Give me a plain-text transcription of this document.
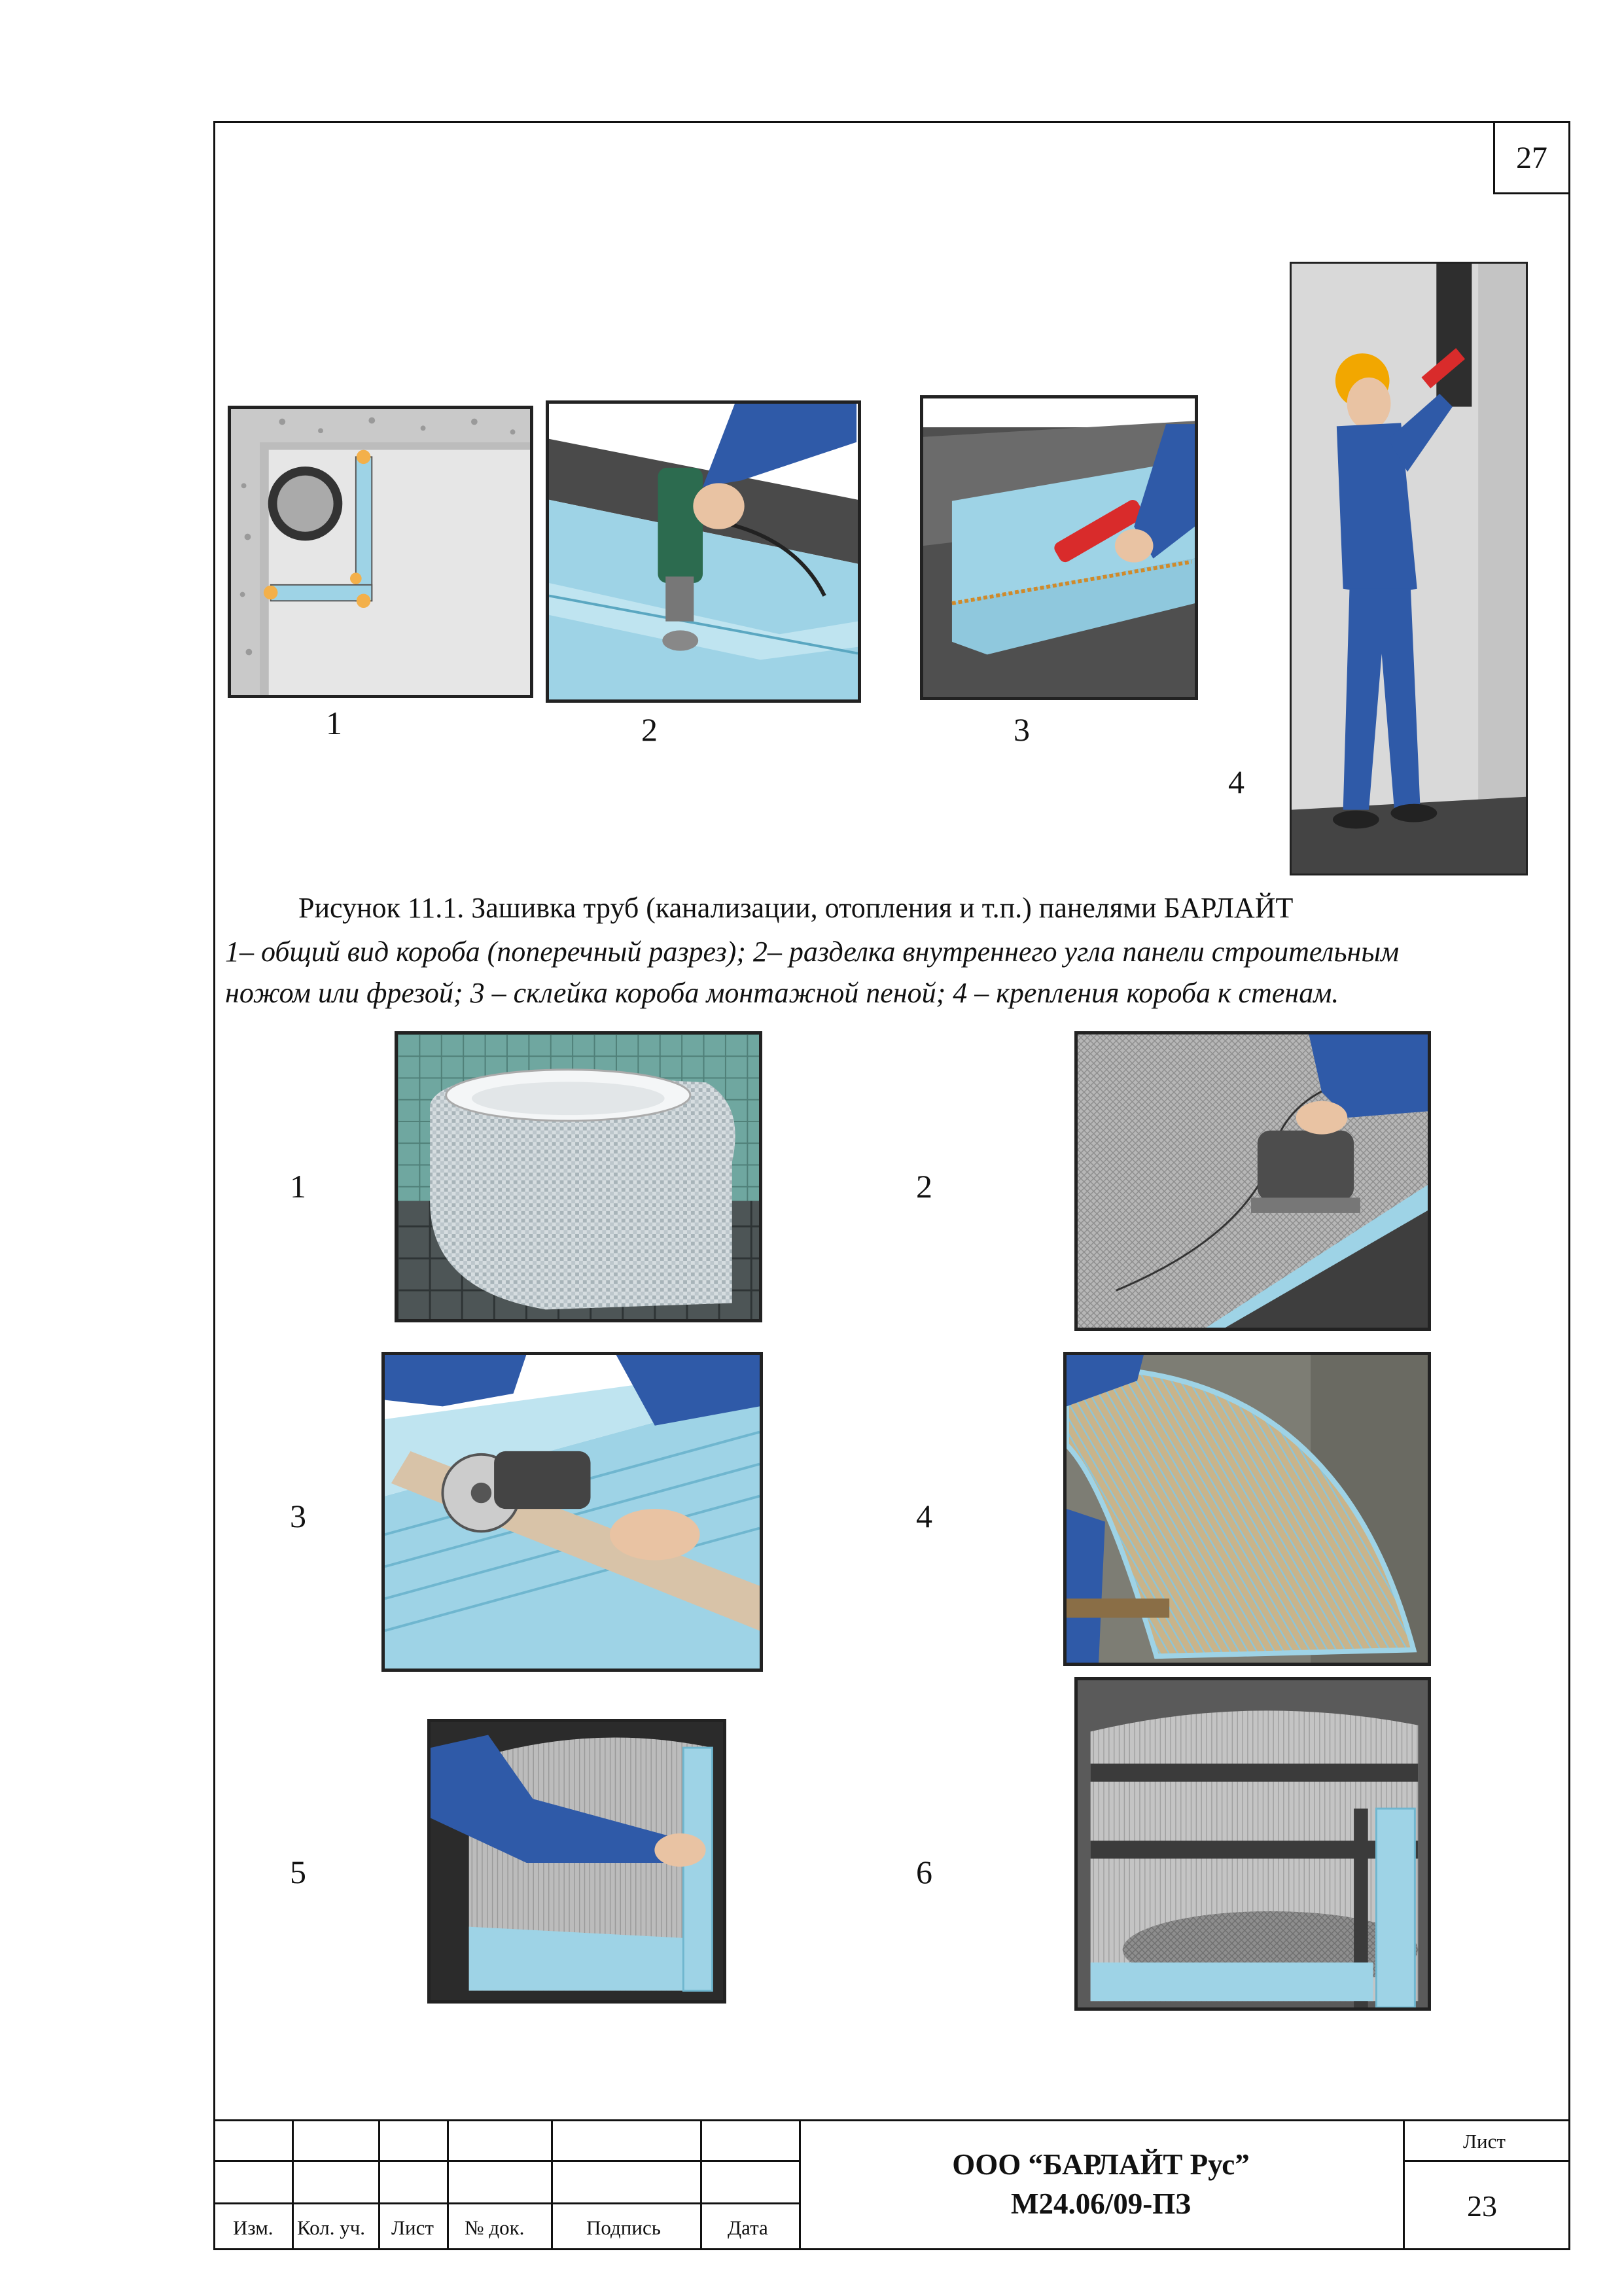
27
1	2	3
4
Рисунок 11.1. Зашивка труб (канализации, отопления и т.п.) панелями БАРЛАЙТ
1– общий вид короба (поперечный разрез); 2– разделка внутреннего угла панели строительным
ножом или фрезой; 3 – склейка короба монтажной пеной; 4 – крепления короба к стенам.
1	2
3	4
5	6
Изм. Кол. уч. Лист № док.	Подпись	Дата
ООО “БАРЛАЙТ Рус”
М24.06/09-ПЗ
Лист
23
